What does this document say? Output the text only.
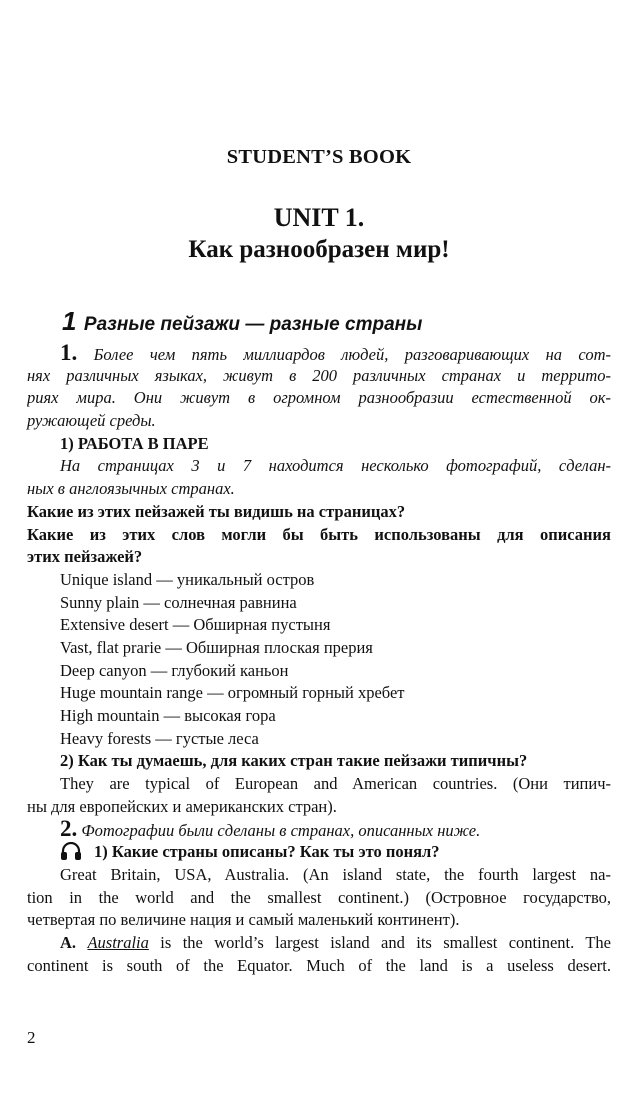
STUDENT’S BOOK
UNIT 1.
Как разнообразен мир!
1 Разные пейзажи — разные страны
1. Более чем пять миллиардов людей, разговаривающих на сот-
нях различных языках, живут в 200 различных странах и террито-
риях мира. Они живут в огромном разнообразии естественной ок-
ружающей среды.
1) РАБОТА В ПАРЕ
На страницах 3 и 7 находится несколько фотографий, сделан-
ных в англоязычных странах.
Какие из этих пейзажей ты видишь на страницах?
Какие из этих слов могли бы быть использованы для описания
этих пейзажей?
Unique island — уникальный остров
Sunny plain — солнечная равнина
Extensive desert — Обширная пустыня
Vast, flat prarie — Обширная плоская прерия
Deep canyon — глубокий каньон
Huge mountain range — огромный горный хребет
High mountain — высокая гора
Heavy forests — густые леса
2) Как ты думаешь, для каких стран такие пейзажи типичны?
They are typical of European and American countries. (Они типич-
ны для европейских и американских стран).
2. Фотографии были сделаны в странах, описанных ниже.
1) Какие страны описаны? Как ты это понял?
Great Britain, USA, Australia. (An island state, the fourth largest na-
tion in the world and the smallest continent.) (Островное государство,
четвертая по величине нация и самый маленький континент).
A. Australia is the world’s largest island and its smallest continent. The
continent is south of the Equator. Much of the land is a useless desert.
2
